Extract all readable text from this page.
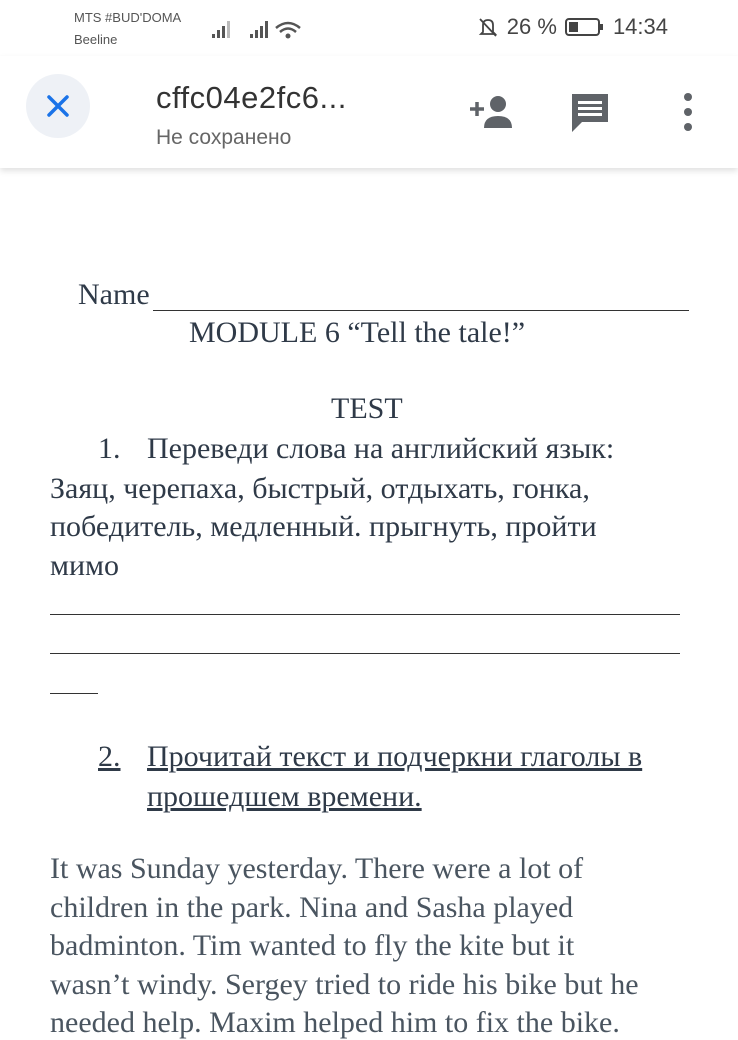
MTS #BUD'DOMA
Beeline
26 %	14:34
cffc04e2fc6...
Не сохранено
Name
MODULE 6 “Tell the tale!”
TEST
1. Переведи слова на английский язык:
Заяц, черепаха, быстрый, отдыхать, гонка,
победитель, медленный. прыгнуть, пройти
мимо
2. Прочитай текст и подчеркни глаголы в
прошедшем времени.
It was Sunday yesterday. There were a lot of
children in the park. Nina and Sasha played
badminton. Tim wanted to fly the kite but it
wasn’t windy. Sergey tried to ride his bike but he
needed help. Maxim helped him to fix the bike.
